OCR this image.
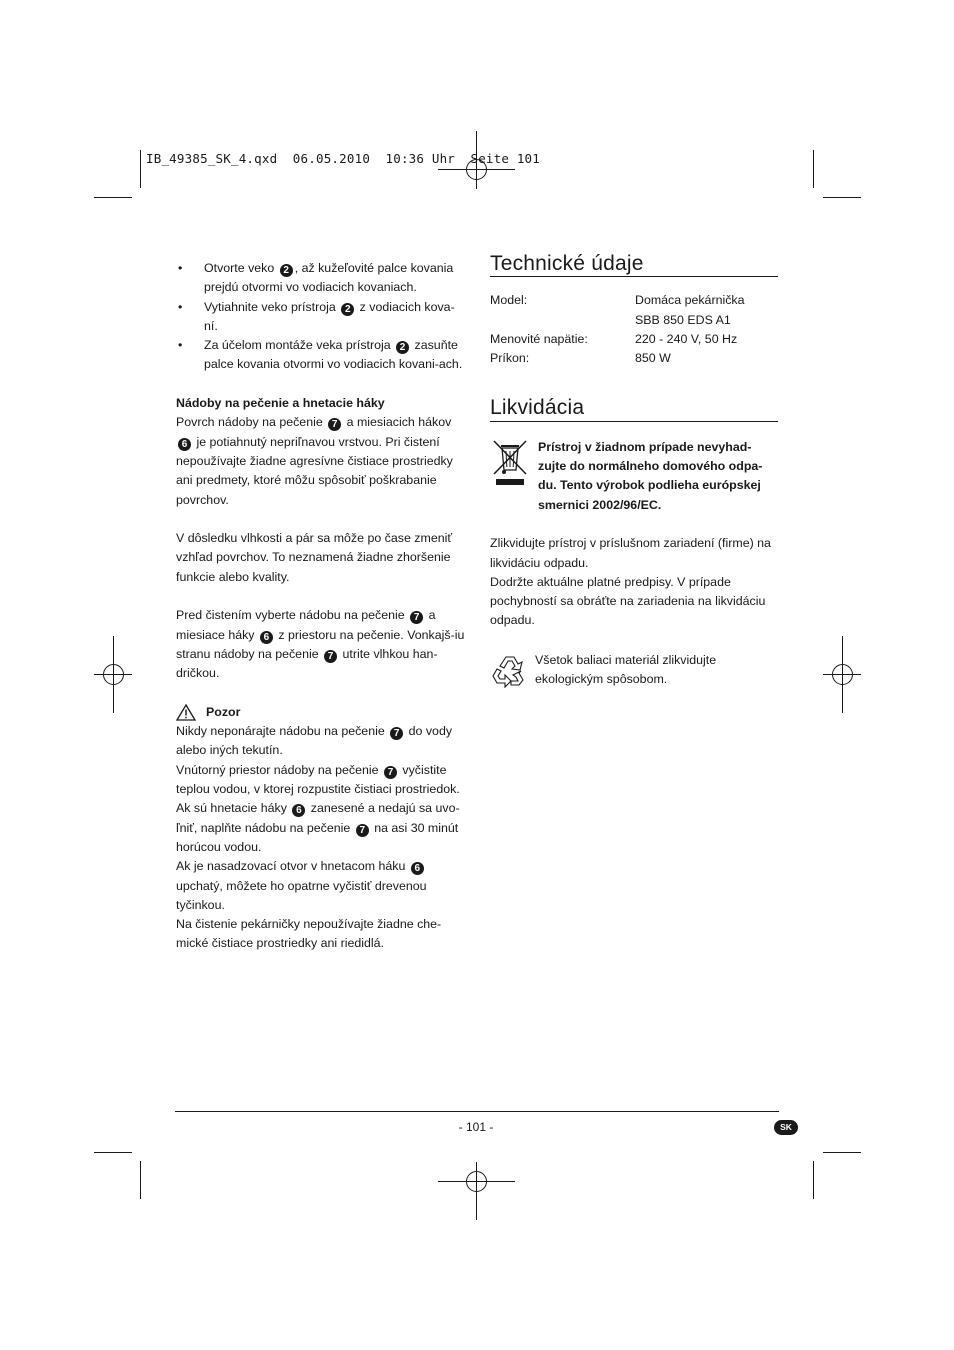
IB_49385_SK_4.qxd  06.05.2010  10:36 Uhr  Seite 101
• Otvorte veko 2 , až kužeľovité palce kovania prejdú otvormi vo vodiacich kovaniach.
• Vytiahnite veko prístroja 2 z vodiacich kova-ní.
• Za účelom montáže veka prístroja 2 zasuňte palce kovania otvormi vo vodiacich kovani-ach.

Nádoby na pečenie a hnetacie háky

Povrch nádoby na pečenie 7 a miesiacich hákov 6 je potiahnutý nepriľnavou vrstvou. Pri čistení nepoužívajte žiadne agresívne čistiace prostriedky ani predmety, ktoré môžu spôsobiť poškrabanie povrchov.

V dôsledku vlhkosti a pár sa môže po čase zmeniť vzhľad povrchov. To neznamená žiadne zhoršenie funkcie alebo kvality.

Pred čistením vyberte nádobu na pečenie 7 a miesiace háky 6 z priestoru na pečenie. Vonkajš-iu stranu nádoby na pečenie 7 utrite vlhkou han-dričkou.

Pozor

Nikdy neponárajte nádobu na pečenie 7 do vody alebo iných tekutín.

Vnútorný priestor nádoby na pečenie 7 vyčistite teplou vodou, v ktorej rozpustite čistiaci prostriedok.

Ak sú hnetacie háky 6 zanesené a nedajú sa uvo-ľniť, naplňte nádobu na pečenie 7 na asi 30 minút horúcou vodou.

Ak je nasadzovací otvor v hnetacom háku 6 upchatý, môžete ho opatrne vyčistiť drevenou tyčinkou.

Na čistenie pekárničky nepoužívajte žiadne che-mické čistiace prostriedky ani riedidlá.

Technické údaje
Model:	Domáca pekárnička
SBB 850 EDS A1
Menovité napätie:	220 - 240 V, 50 Hz
Príkon:	850 W
Likvidácia
Prístroj v žiadnom prípade nevyhad-zujte do normálneho domového odpa-du. Tento výrobok podlieha európskej smernici 2002/96/EC.

Zlikvidujte prístroj v príslušnom zariadení (firme) na likvidáciu odpadu.

Dodržte aktuálne platné predpisy. V prípade pochybností sa obráťte na zariadenia na likvidáciu odpadu.

Všetok baliaci materiál zlikvidujte ekologickým spôsobom.
- 101 -	SK
